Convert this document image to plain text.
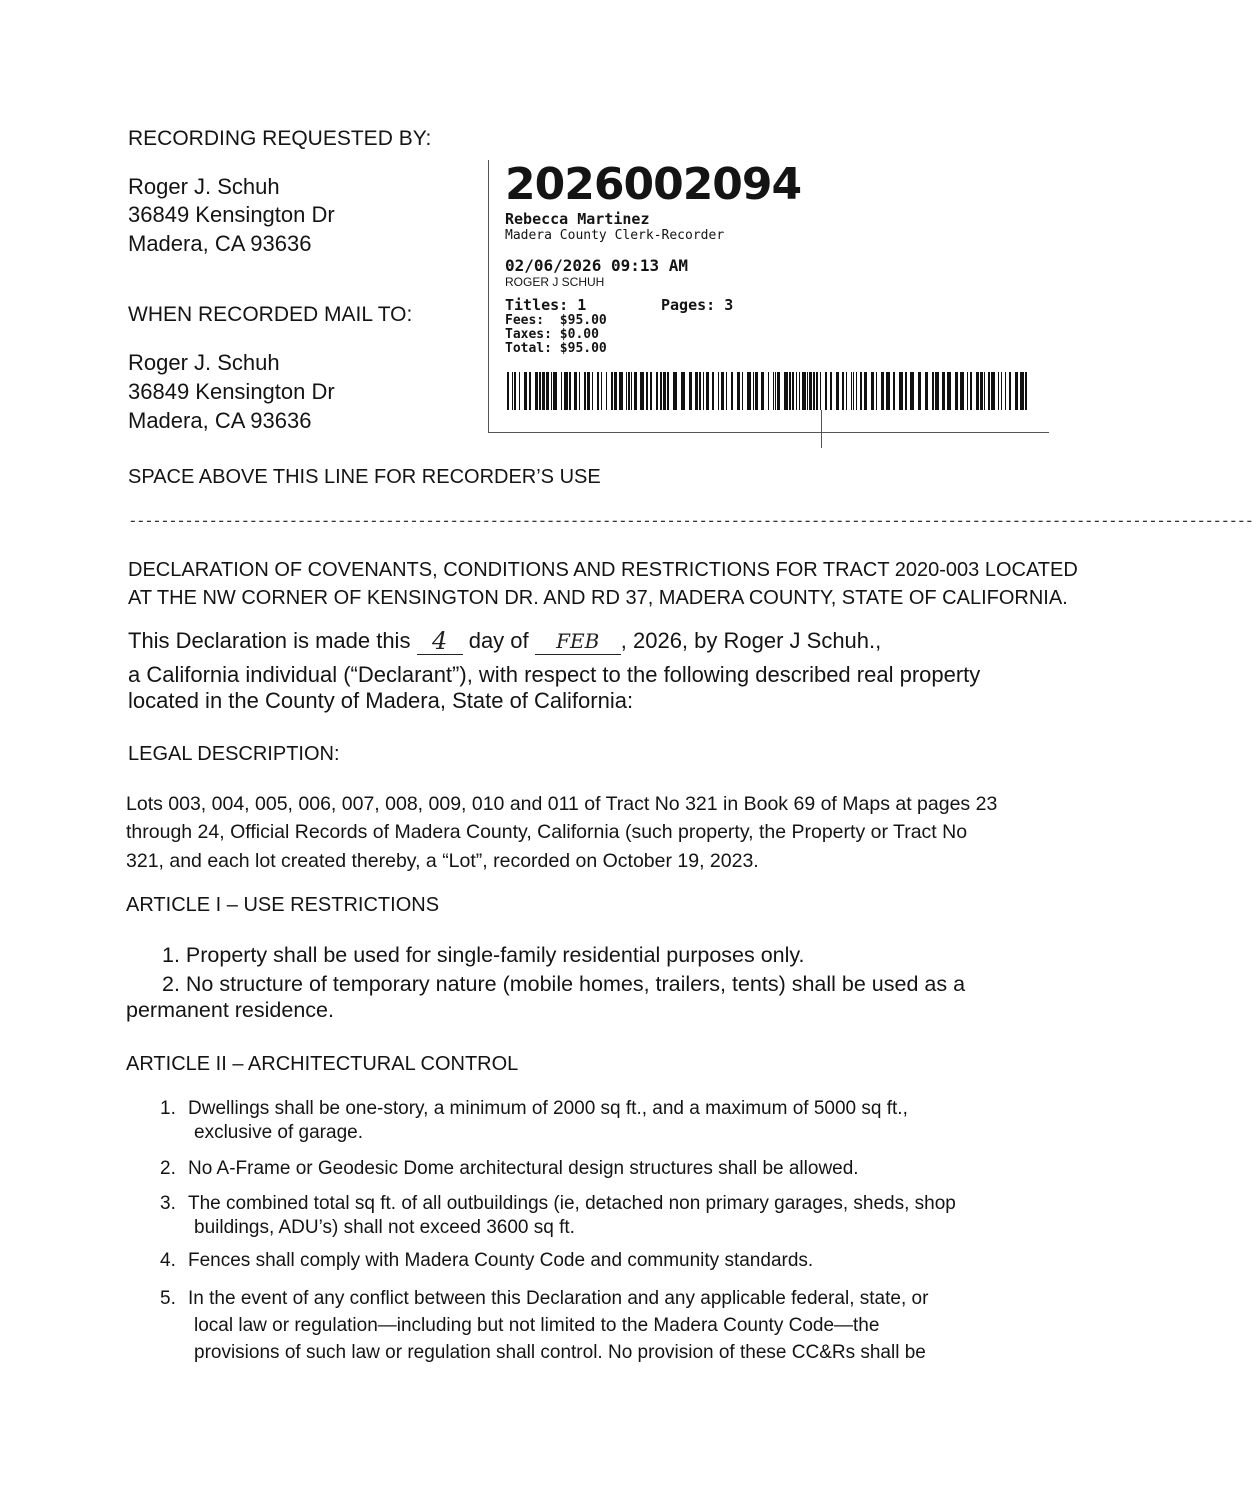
RECORDING REQUESTED BY:
Roger J. Schuh
36849 Kensington Dr
Madera, CA 93636
WHEN RECORDED MAIL TO:
Roger J. Schuh
36849 Kensington Dr
Madera, CA 93636
2026002094
Rebecca Martinez
Madera County Clerk-Recorder
02/06/2026 09:13 AM
ROGER J SCHUH
Titles: 1	Pages: 3
Fees:  $95.00
Taxes: $0.00
Total: $95.00
SPACE ABOVE THIS LINE FOR RECORDER’S USE
--------------------------------------------------------------------------------------------------------------------------------------------
DECLARATION OF COVENANTS, CONDITIONS AND RESTRICTIONS FOR TRACT 2020-003 LOCATED
AT THE NW CORNER OF KENSINGTON DR. AND RD 37, MADERA COUNTY, STATE OF CALIFORNIA.
This Declaration is made this 4 day of FEB , 2026, by Roger J Schuh.,
a California individual (“Declarant”), with respect to the following described real property
located in the County of Madera, State of California:
LEGAL DESCRIPTION:
Lots 003, 004, 005, 006, 007, 008, 009, 010 and 011 of Tract No 321 in Book 69 of Maps at pages 23
through 24, Official Records of Madera County, California (such property, the Property or Tract No
321, and each lot created thereby, a “Lot”, recorded on October 19, 2023.
ARTICLE I – USE RESTRICTIONS
1. Property shall be used for single-family residential purposes only.
2. No structure of temporary nature (mobile homes, trailers, tents) shall be used as a
permanent residence.
ARTICLE II – ARCHITECTURAL CONTROL
1. Dwellings shall be one-story, a minimum of 2000 sq ft., and a maximum of 5000 sq ft.,
exclusive of garage.
2. No A-Frame or Geodesic Dome architectural design structures shall be allowed.
3. The combined total sq ft. of all outbuildings (ie, detached non primary garages, sheds, shop
buildings, ADU’s) shall not exceed 3600 sq ft.
4. Fences shall comply with Madera County Code and community standards.
5. In the event of any conflict between this Declaration and any applicable federal, state, or
local law or regulation—including but not limited to the Madera County Code—the
provisions of such law or regulation shall control. No provision of these CC&Rs shall be
